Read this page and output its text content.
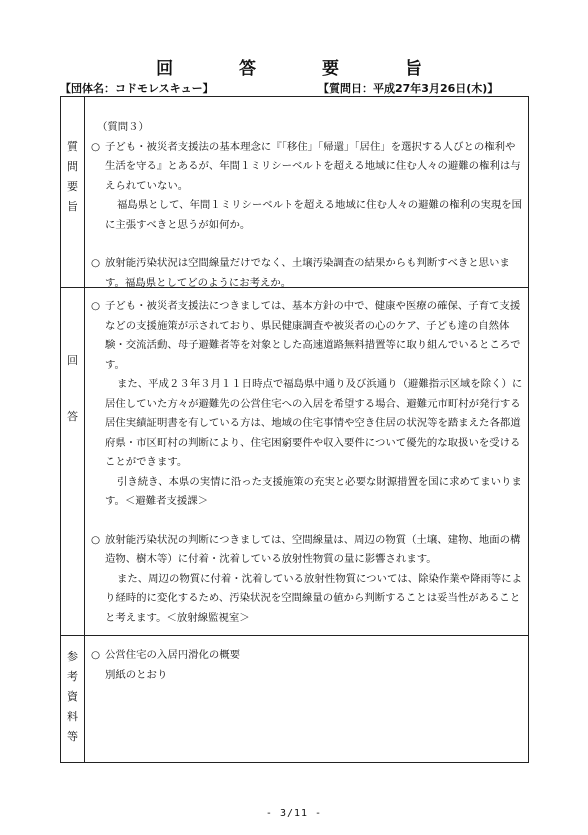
回 答 要 旨
【団体名：コドモレスキュー】	【質問日：平成27年3月26日(木)】
質
問
要
旨

（質問３）

○ 子ども・被災者支援法の基本理念に『「移住」「帰還」「居住」を選択する人びとの権利や生活を守る』とあるが、年間１ミリシーベルトを超える地域に住む人々の避難の権利は与えられていない。

福島県として、年間１ミリシーベルトを超える地域に住む人々の避難の権利の実現を国に主張すべきと思うが如何か。

○ 放射能汚染状況は空間線量だけでなく、土壌汚染調査の結果からも判断すべきと思います。福島県としてどのようにお考えか。

回
答
○ 子ども・被災者支援法につきましては、基本方針の中で、健康や医療の確保、子育て支援などの支援施策が示されており、県民健康調査や被災者の心のケア、子ども達の自然体験・交流活動、母子避難者等を対象とした高速道路無料措置等に取り組んでいるところです。

また、平成２３年３月１１日時点で福島県中通り及び浜通り（避難指示区域を除く）に居住していた方々が避難先の公営住宅への入居を希望する場合、避難元市町村が発行する居住実績証明書を有している方は、地域の住宅事情や空き住居の状況等を踏まえた各都道府県・市区町村の判断により、住宅困窮要件や収入要件について優先的な取扱いを受けることができます。

引き続き、本県の実情に沿った支援施策の充実と必要な財源措置を国に求めてまいります。＜避難者支援課＞

○ 放射能汚染状況の判断につきましては、空間線量は、周辺の物質（土壌、建物、地面の構造物、樹木等）に付着・沈着している放射性物質の量に影響されます。

また、周辺の物質に付着・沈着している放射性物質については、除染作業や降雨等により経時的に変化するため、汚染状況を空間線量の値から判断することは妥当性があることと考えます。＜放射線監視室＞

参
考
資
料
等
○ 公営住宅の入居円滑化の概要

別紙のとおり

- 3/11 -
